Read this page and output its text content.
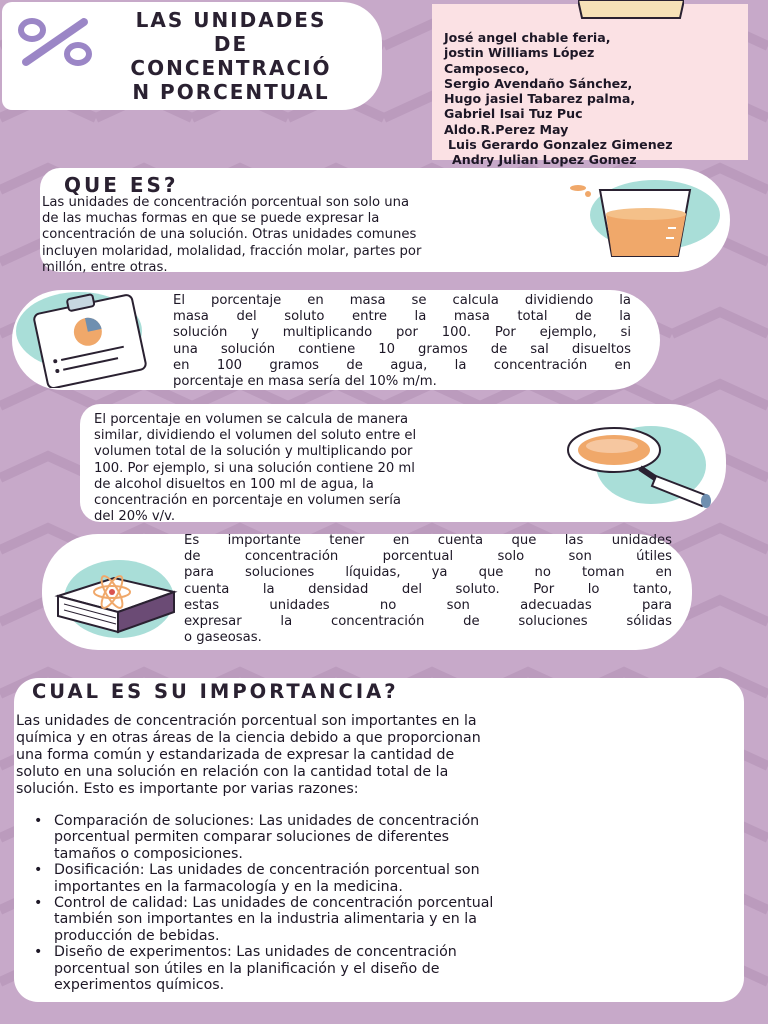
LAS UNIDADES
DE
CONCENTRACIÓ
N PORCENTUAL
José angel chable feria,
jostin Williams López
Camposeco,
Sergio Avendaño Sánchez,
Hugo jasiel Tabarez palma,
Gabriel Isai Tuz Puc
Aldo.R.Perez May
Luis Gerardo Gonzalez Gimenez
Andry Julian Lopez Gomez
QUE ES?
Las unidades de concentración porcentual son solo una
de las muchas formas en que se puede expresar la
concentración de una solución. Otras unidades comunes
incluyen molaridad, molalidad, fracción molar, partes por
millón, entre otras.
El porcentaje en masa se calcula dividiendo la
masa del soluto entre la masa total de la
solución y multiplicando por 100. Por ejemplo, si
una solución contiene 10 gramos de sal disueltos
en 100 gramos de agua, la concentración en
porcentaje en masa sería del 10% m/m.
El porcentaje en volumen se calcula de manera
similar, dividiendo el volumen del soluto entre el
volumen total de la solución y multiplicando por
100. Por ejemplo, si una solución contiene 20 ml
de alcohol disueltos en 100 ml de agua, la
concentración en porcentaje en volumen sería
del 20% v/v.
Es importante tener en cuenta que las unidades
de concentración porcentual solo son útiles
para soluciones líquidas, ya que no toman en
cuenta la densidad del soluto. Por lo tanto,
estas unidades no son adecuadas para
expresar la concentración de soluciones sólidas
o gaseosas.
CUAL ES SU IMPORTANCIA?
Las unidades de concentración porcentual son importantes en la
química y en otras áreas de la ciencia debido a que proporcionan
una forma común y estandarizada de expresar la cantidad de
soluto en una solución en relación con la cantidad total de la
solución. Esto es importante por varias razones:
• Comparación de soluciones: Las unidades de concentración
porcentual permiten comparar soluciones de diferentes
tamaños o composiciones.
• Dosificación: Las unidades de concentración porcentual son
importantes en la farmacología y en la medicina.
• Control de calidad: Las unidades de concentración porcentual
también son importantes en la industria alimentaria y en la
producción de bebidas.
• Diseño de experimentos: Las unidades de concentración
porcentual son útiles en la planificación y el diseño de
experimentos químicos.
